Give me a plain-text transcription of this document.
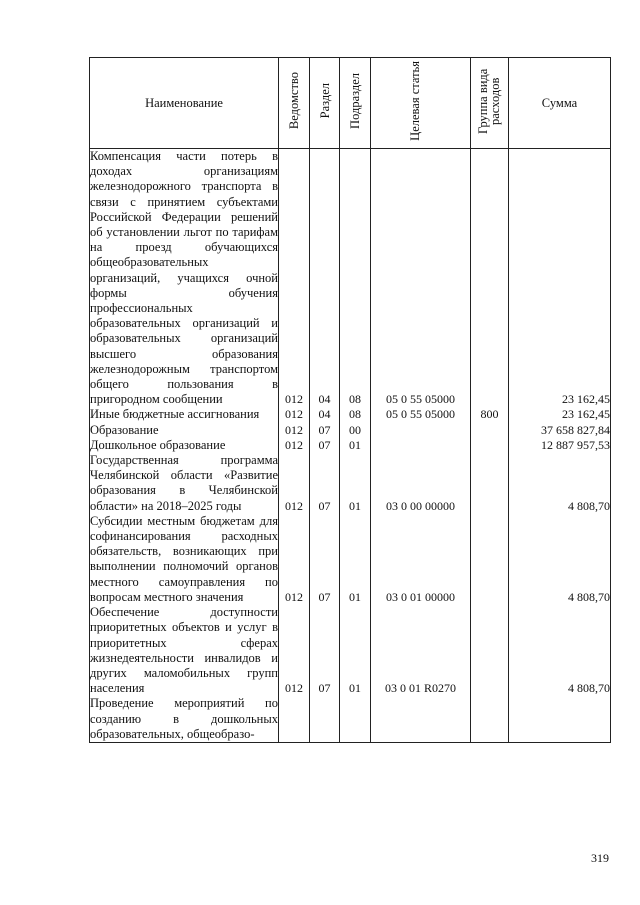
Наименование	Ведомство	Раздел	Подраздел	Целевая статья	Группа вида расходов	Сумма
Компенсация части потерь в доходах организациям железнодорожного транспорта в связи с принятием субъектами Российской Федерации решений об установлении льгот по тарифам на проезд обучающихся общеобразовательных организаций, учащихся очной формы обучения профессиональных образовательных организаций и образовательных организаций высшего образования железнодорожным транспортом общего пользования в пригородном сообщении	012	04	08	05 0 55 05000		23 162,45
Иные бюджетные ассигнования	012	04	08	05 0 55 05000	800	23 162,45
Образование	012	07	00			37 658 827,84
Дошкольное образование	012	07	01			12 887 957,53
Государственная программа Челябинской области «Развитие образования в Челябинской области» на 2018–2025 годы	012	07	01	03 0 00 00000		4 808,70
Субсидии местным бюджетам для софинансирования расходных обязательств, возникающих при выполнении полномочий органов местного самоуправления по вопросам местного значения	012	07	01	03 0 01 00000		4 808,70
Обеспечение доступности приоритетных объектов и услуг в приоритетных сферах жизнедеятельности инвалидов и других маломобильных групп населения	012	07	01	03 0 01 R0270		4 808,70
Проведение мероприятий по созданию в дошкольных образовательных, общеобразо-						
319
